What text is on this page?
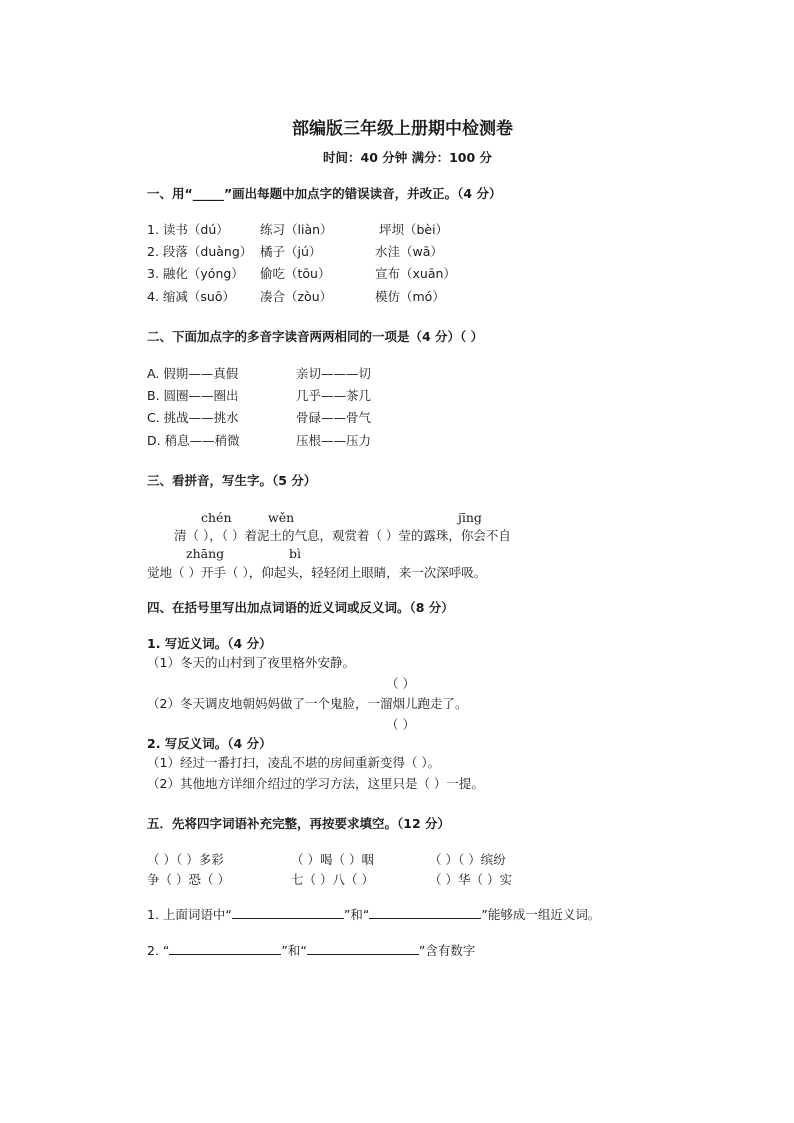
部编版三年级上册期中检测卷
时间：40 分钟 满分：100 分
一、用“_____”画出每题中加点字的错误读音，并改正。（4 分）
1. 读书（dú） 练习（liàn）	坪坝（bèi）
2. 段落（duàng） 橘子（jú）	水洼（wā）
3. 融化（yóng） 偷吃（tōu）	宣布（xuān）
4. 缩减（suō） 凑合（zòu）	模仿（mó）
二、下面加点字的多音字读音两两相同的一项是（4 分）（ ）
A. 假期——真假	亲切———切
B. 圆圈——圈出	几乎——茶几
C. 挑战——挑水	骨碌——骨气
D. 稍息——稍微	压根——压力
三、看拼音，写生字。（5 分）
chén	wěn	jīng
清（ ），（ ）着泥土的气息，观赏着（ ）莹的露珠，你会不自
zhāng	bì
觉地（ ）开手（ ），仰起头，轻轻闭上眼睛，来一次深呼吸。
四、在括号里写出加点词语的近义词或反义词。（8 分）
1. 写近义词。（4 分）
（1）冬天的山村到了夜里格外安静。
（ ）
（2）冬天调皮地朝妈妈做了一个鬼脸，一溜烟儿跑走了。
（ ）
2. 写反义词。（4 分）
（1）经过一番打扫，凌乱不堪的房间重新变得（ ）。
（2）其他地方详细介绍过的学习方法，这里只是（ ）一提。
五．先将四字词语补充完整，再按要求填空。（12 分）
（ ）（ ）多彩	（ ）喝（ ）咽	（ ）（ ）缤纷
争（ ）恐（ ）	七（ ）八（ ）	（ ）华（ ）实
1. 上面词语中“	”和“	”能够成一组近义词。
2. “	”和“	”含有数字
